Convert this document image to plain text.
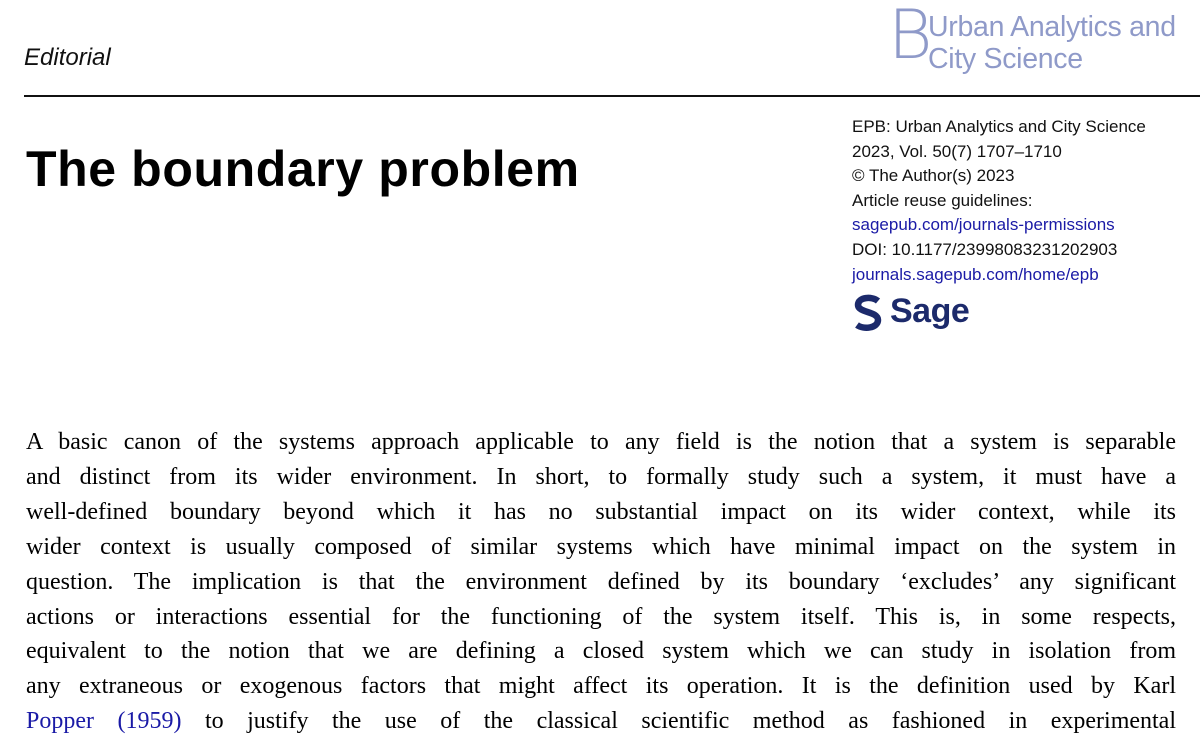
Editorial	B
Urban Analytics and
City Science
The boundary problem
EPB: Urban Analytics and City Science
2023, Vol. 50(7) 1707–1710
© The Author(s) 2023
Article reuse guidelines:
sagepub.com/journals-permissions
DOI: 10.1177/23998083231202903
journals.sagepub.com/home/epb
Sage
A basic canon of the systems approach applicable to any field is the notion that a system is separable
and distinct from its wider environment. In short, to formally study such a system, it must have a
well-defined boundary beyond which it has no substantial impact on its wider context, while its
wider context is usually composed of similar systems which have minimal impact on the system in
question. The implication is that the environment defined by its boundary ‘excludes’ any significant
actions or interactions essential for the functioning of the system itself. This is, in some respects,
equivalent to the notion that we are defining a closed system which we can study in isolation from
any extraneous or exogenous factors that might affect its operation. It is the definition used by Karl
Popper (1959) to justify the use of the classical scientific method as fashioned in experimental
